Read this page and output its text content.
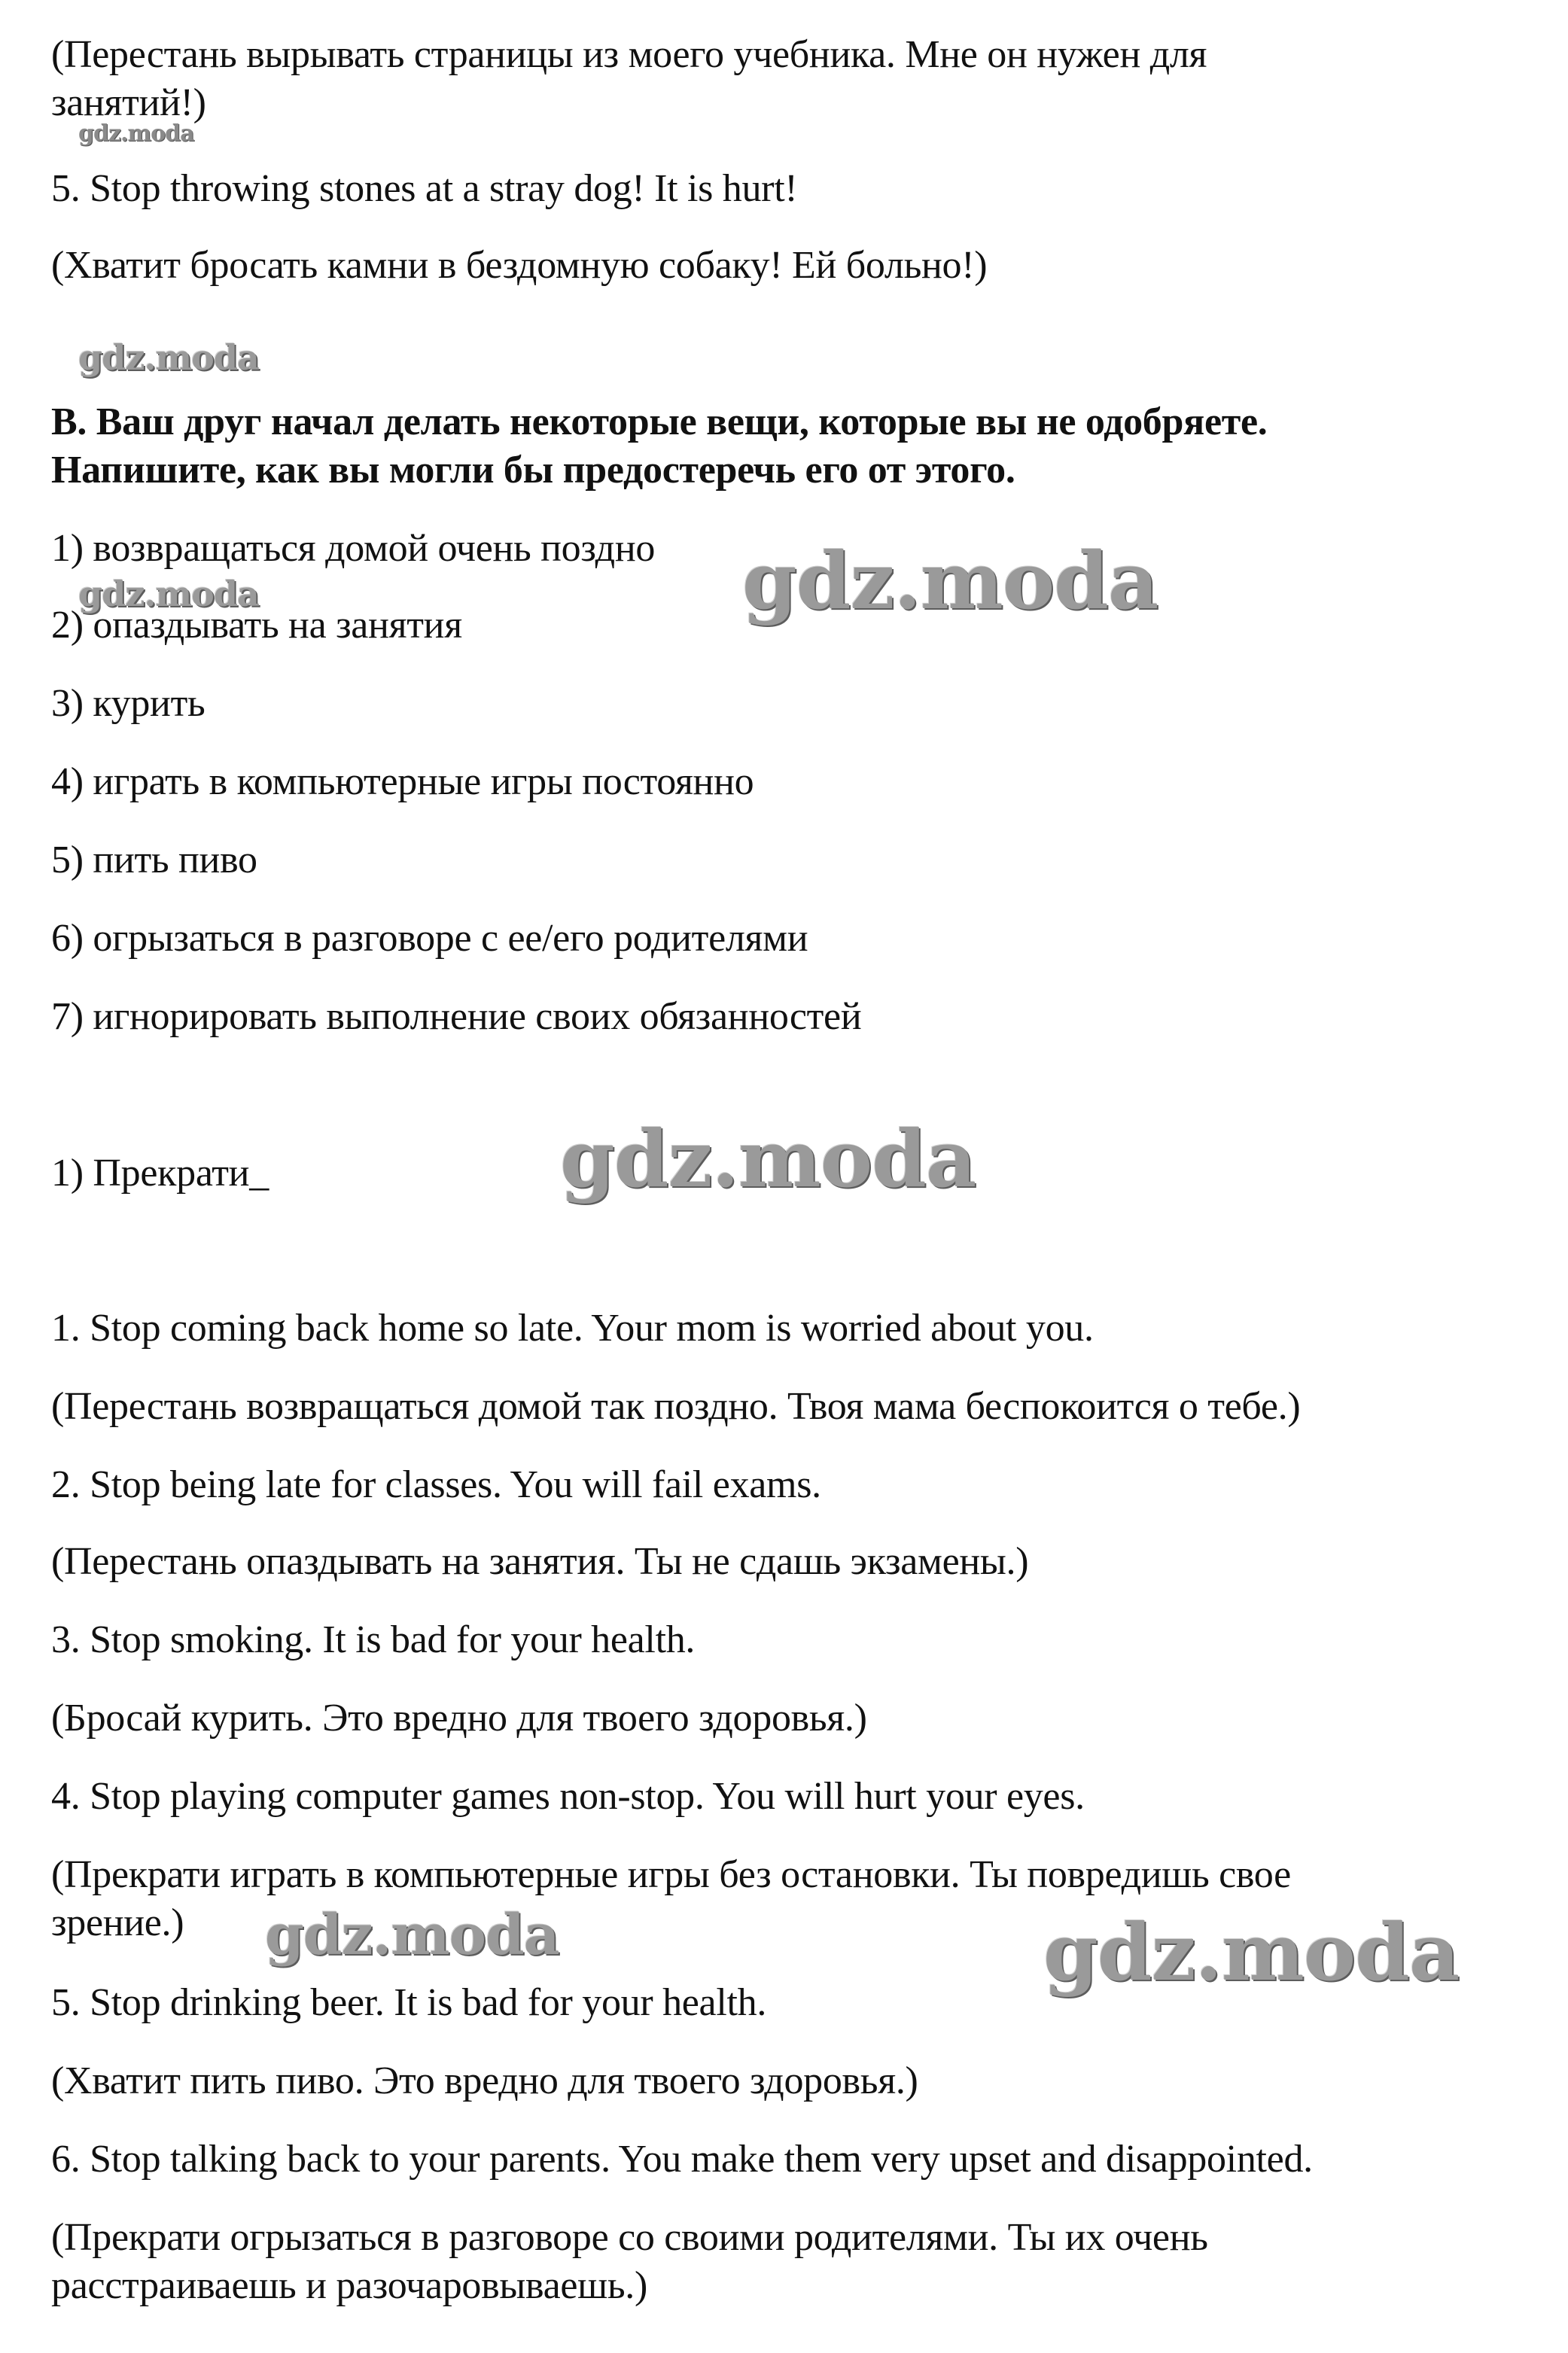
(Перестань вырывать страницы из моего учебника. Мне он нужен для
занятий!)
5. Stop throwing stones at a stray dog! It is hurt!
(Хватит бросать камни в бездомную собаку! Ей больно!)
B. Ваш друг начал делать некоторые вещи, которые вы не одобряете.
Напишите, как вы могли бы предостеречь его от этого.
1) возвращаться домой очень поздно
2) опаздывать на занятия
3) курить
4) играть в компьютерные игры постоянно
5) пить пиво
6) огрызаться в разговоре с ее/его родителями
7) игнорировать выполнение своих обязанностей
1) Прекрати_
1. Stop coming back home so late. Your mom is worried about you.
(Перестань возвращаться домой так поздно. Твоя мама беспокоится о тебе.)
2. Stop being late for classes. You will fail exams.
(Перестань опаздывать на занятия. Ты не сдашь экзамены.)
3. Stop smoking. It is bad for your health.
(Бросай курить. Это вредно для твоего здоровья.)
4. Stop playing computer games non-stop. You will hurt your eyes.
(Прекрати играть в компьютерные игры без остановки. Ты повредишь свое
зрение.)
5. Stop drinking beer. It is bad for your health.
(Хватит пить пиво. Это вредно для твоего здоровья.)
6. Stop talking back to your parents. You make them very upset and disappointed.
(Прекрати огрызаться в разговоре со своими родителями. Ты их очень
расстраиваешь и разочаровываешь.)
gdz.moda
gdz.moda
gdz.moda	gdz.moda
gdz.moda
gdz.moda	gdz.moda
